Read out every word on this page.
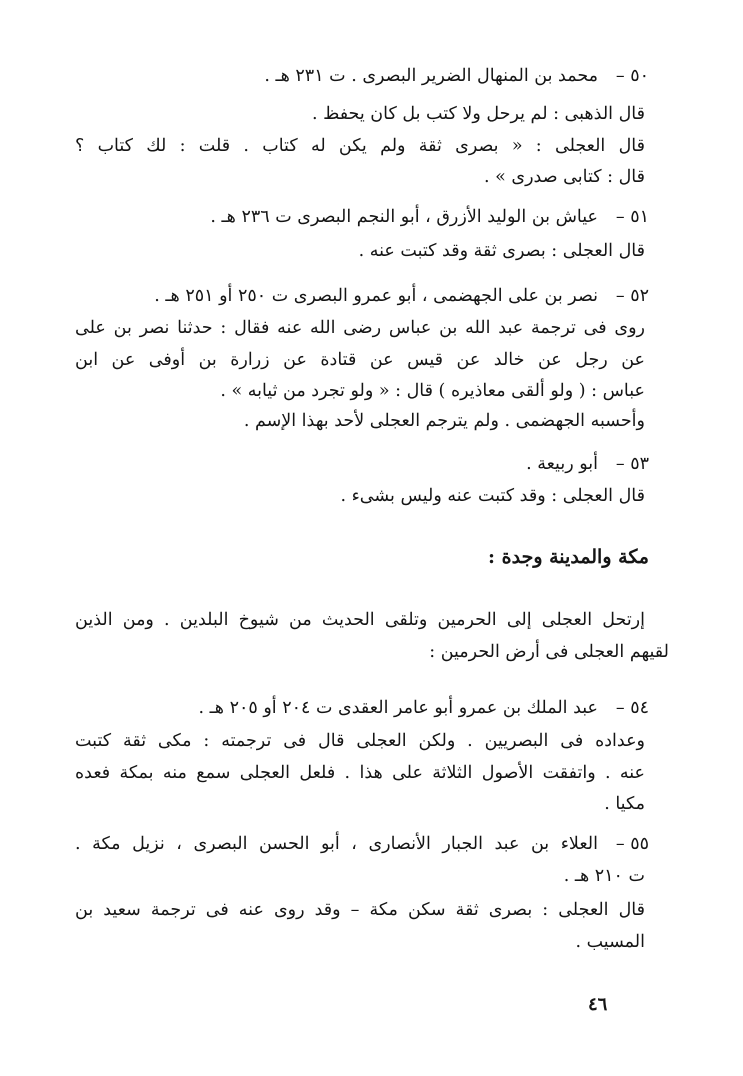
٥٠ –
محمد بن المنهال الضرير البصرى . ت ٢٣١ هـ .
قال الذهبى : لم يرحل ولا كتب بل كان يحفظ .
قال العجلى : « بصرى ثقة ولم يكن له كتاب . قلت : لك كتاب ؟
قال : كتابى صدرى » .
٥١ –
عياش بن الوليد الأزرق ، أبو النجم البصرى ت ٢٣٦ هـ .
قال العجلى : بصرى ثقة وقد كتبت عنه .
٥٢ –
نصر بن على الجهضمى ، أبو عمرو البصرى ت ٢٥٠ أو ٢٥١ هـ .
روى فى ترجمة عبد الله بن عباس رضى الله عنه فقال : حدثنا نصر بن على
عن رجل عن خالد عن قيس عن قتادة عن زرارة بن أوفى عن ابن
عباس : ( ولو ألقى معاذيره ) قال : « ولو تجرد من ثيابه » .
وأحسبه الجهضمى . ولم يترجم العجلى لأحد بهذا الإسم .
٥٣ –
أبو ربيعة .
قال العجلى : وقد كتبت عنه وليس بشىء .
مكة والمدينة وجدة :
إرتحل العجلى إلى الحرمين وتلقى الحديث من شيوخ البلدين . ومن الذين
لقيهم العجلى فى أرض الحرمين :
٥٤ –
عبد الملك بن عمرو أبو عامر العقدى ت ٢٠٤ أو ٢٠٥ هـ .
وعداده فى البصريين . ولكن العجلى قال فى ترجمته : مكى ثقة كتبت
عنه . واتفقت الأصول الثلاثة على هذا . فلعل العجلى سمع منه بمكة فعده
مكيا .
٥٥ –
العلاء بن عبد الجبار الأنصارى ، أبو الحسن البصرى ، نزيل مكة .
ت ٢١٠ هـ .
قال العجلى : بصرى ثقة سكن مكة – وقد روى عنه فى ترجمة سعيد بن
المسيب .
٤٦
